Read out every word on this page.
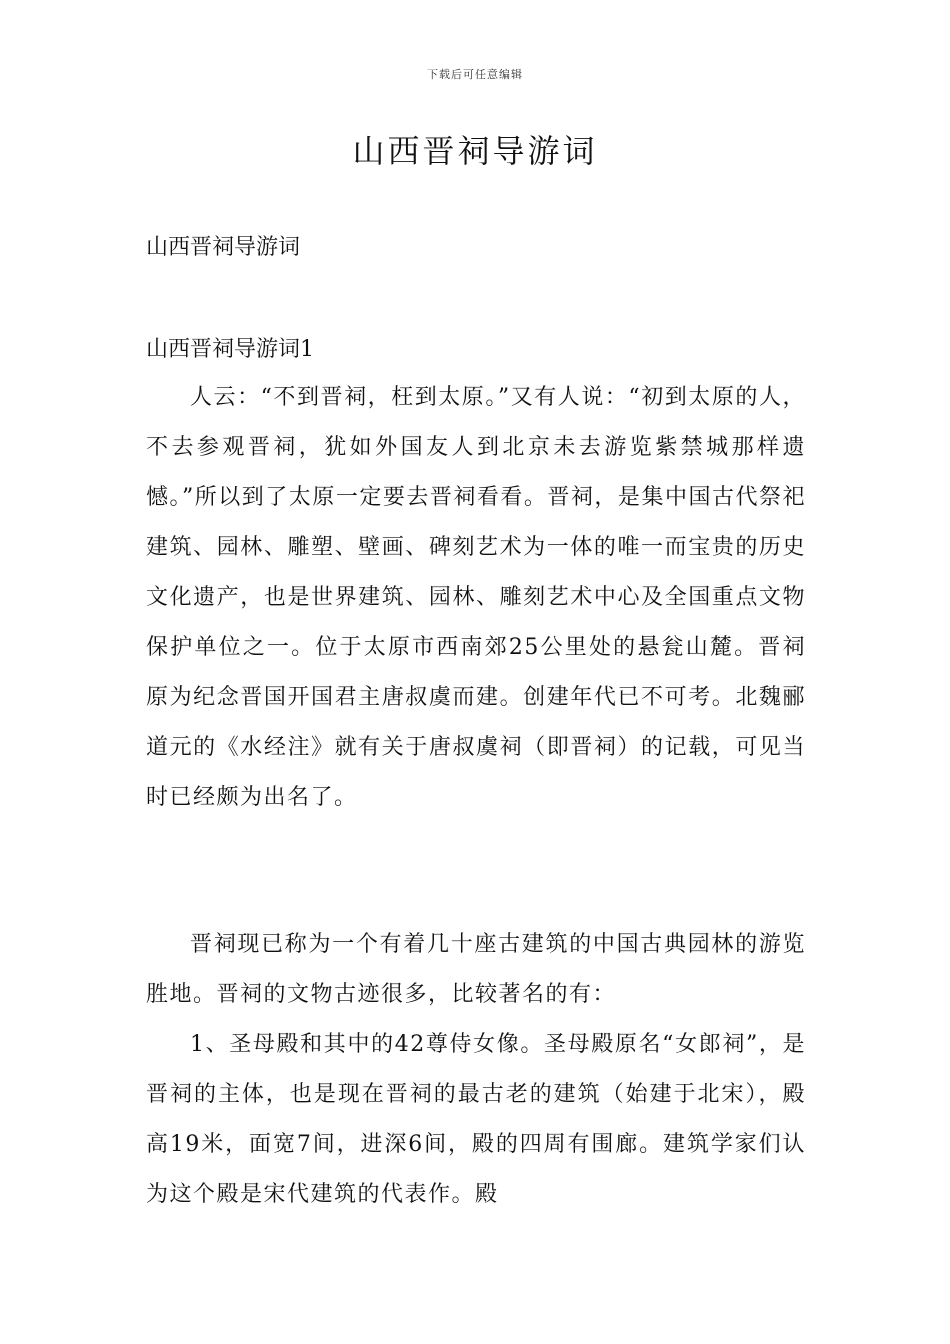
下载后可任意编辑
山西晋祠导游词
山西晋祠导游词
山西晋祠导游词1

人云：“不到晋祠，枉到太原。”又有人说：“初到太原的人，不去参观晋祠，犹如外国友人到北京未去游览紫禁城那样遗憾。”所以到了太原一定要去晋祠看看。晋祠，是集中国古代祭祀建筑、园林、雕塑、壁画、碑刻艺术为一体的唯一而宝贵的历史文化遗产，也是世界建筑、园林、雕刻艺术中心及全国重点文物保护单位之一。位于太原市西南郊25公里处的悬瓮山麓。晋祠原为纪念晋国开国君主唐叔虞而建。创建年代已不可考。北魏郦道元的《水经注》就有关于唐叔虞祠（即晋祠）的记载，可见当时已经颇为出名了。

晋祠现已称为一个有着几十座古建筑的中国古典园林的游览胜地。晋祠的文物古迹很多，比较著名的有：

1、圣母殿和其中的42尊侍女像。圣母殿原名“女郎祠”，是晋祠的主体，也是现在晋祠的最古老的建筑（始建于北宋），殿高19米，面宽7间，进深6间，殿的四周有围廊。建筑学家们认为这个殿是宋代建筑的代表作。殿
